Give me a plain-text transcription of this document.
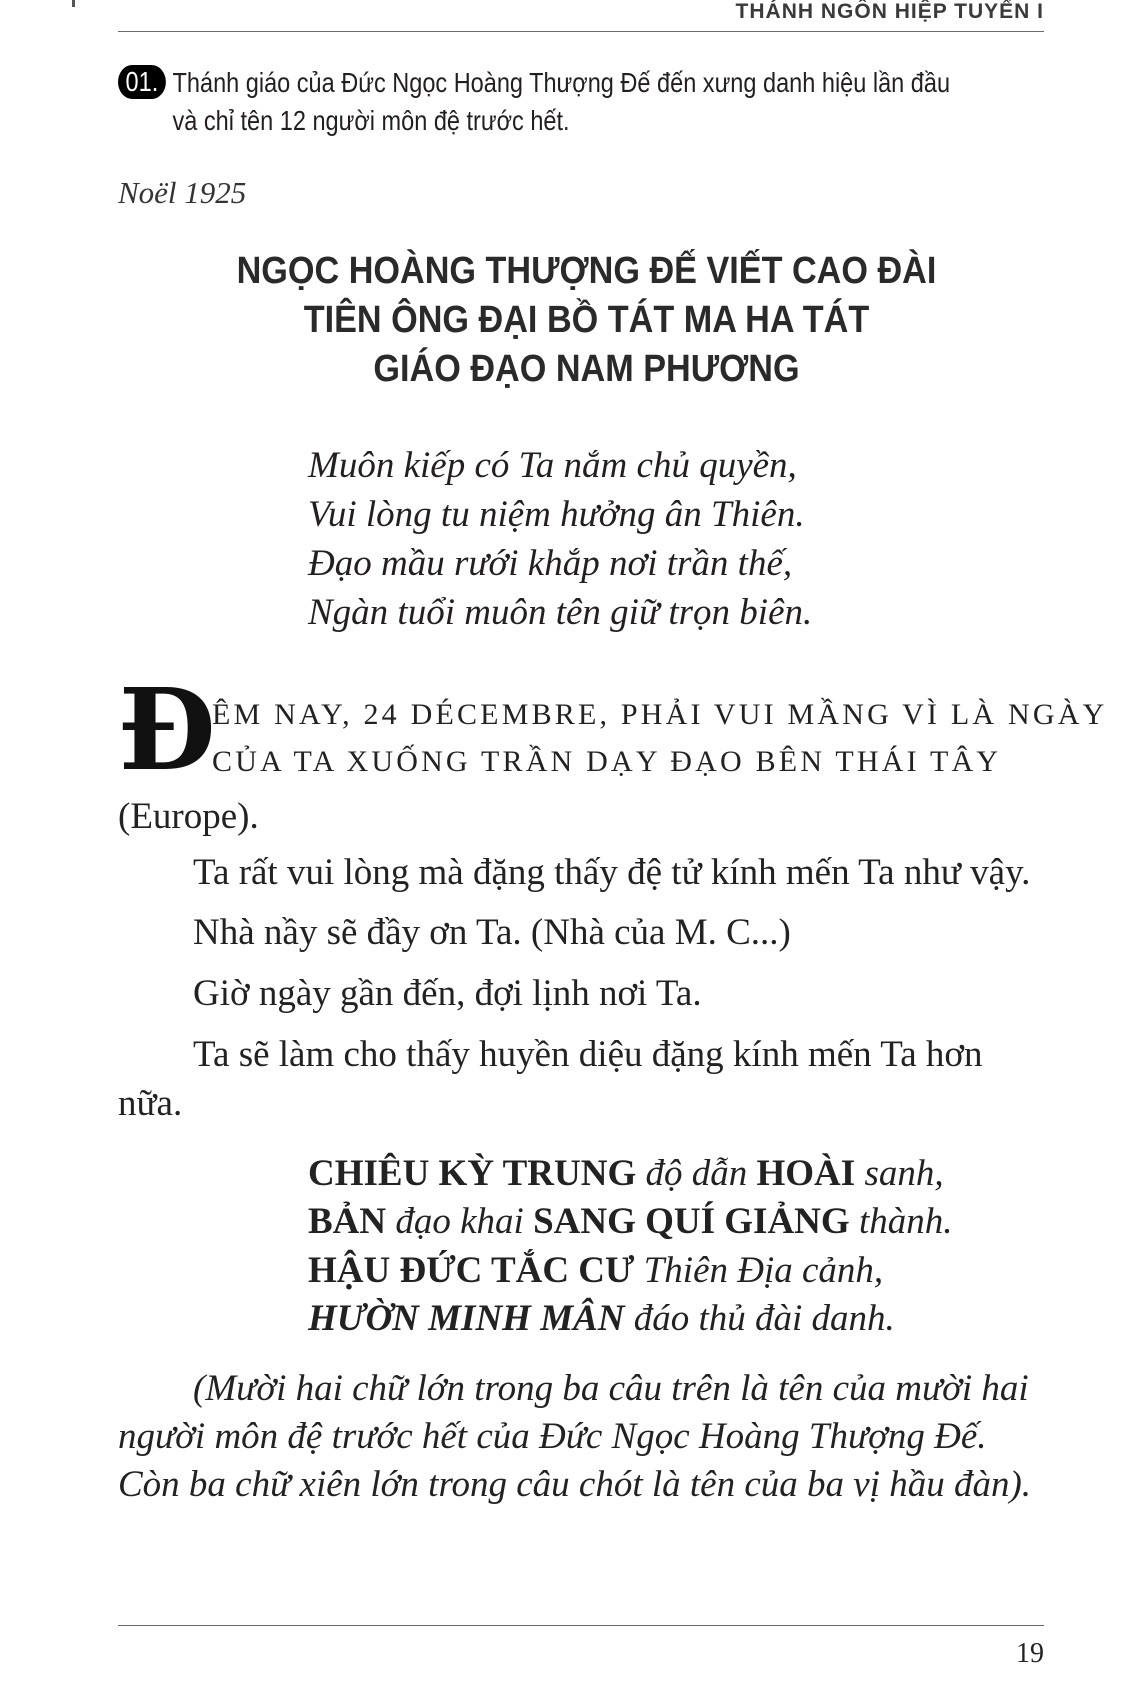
THÁNH NGÔN HIỆP TUYỂN I
01. Thánh giáo của Đức Ngọc Hoàng Thượng Đế đến xưng danh hiệu lần đầu
và chỉ tên 12 người môn đệ trước hết.
Noël 1925
NGỌC HOÀNG THƯỢNG ĐẾ VIẾT CAO ĐÀI
TIÊN ÔNG ĐẠI BỒ TÁT MA HA TÁT
GIÁO ĐẠO NAM PHƯƠNG
Muôn kiếp có Ta nắm chủ quyền,
Vui lòng tu niệm hưởng ân Thiên.
Đạo mầu rưới khắp nơi trần thế,
Ngàn tuổi muôn tên giữ trọn biên.
Đ
ÊM NAY, 24 DÉCEMBRE, PHẢI VUI MẦNG VÌ LÀ NGÀY
CỦA TA XUỐNG TRẦN DẠY ĐẠO BÊN THÁI TÂY
(Europe).
Ta rất vui lòng mà đặng thấy đệ tử kính mến Ta như vậy.
Nhà nầy sẽ đầy ơn Ta. (Nhà của M. C...)
Giờ ngày gần đến, đợi lịnh nơi Ta.
Ta sẽ làm cho thấy huyền diệu đặng kính mến Ta hơn
nữa.
CHIÊU KỲ TRUNG độ dẫn HOÀI sanh,
BẢN đạo khai SANG QUÍ GIẢNG thành.
HẬU ĐỨC TẮC CƯ Thiên Địa cảnh,
HƯỜN MINH MÂN đáo thủ đài danh.
(Mười hai chữ lớn trong ba câu trên là tên của mười hai
người môn đệ trước hết của Đức Ngọc Hoàng Thượng Đế.
Còn ba chữ xiên lớn trong câu chót là tên của ba vị hầu đàn).
19
